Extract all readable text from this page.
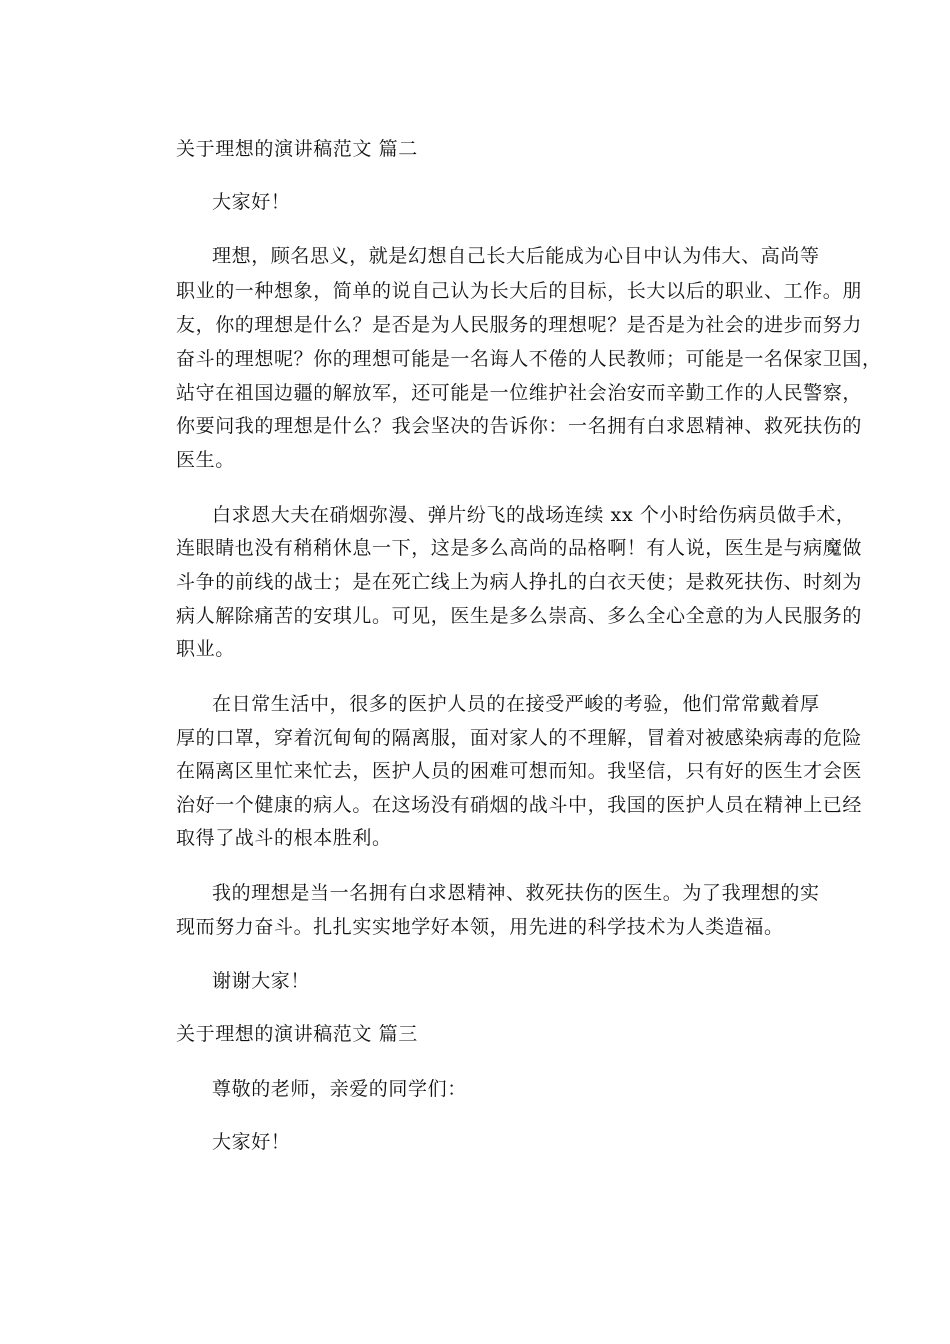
关于理想的演讲稿范文 篇二
大家好！
理想，顾名思义，就是幻想自己长大后能成为心目中认为伟大、高尚等
职业的一种想象，简单的说自己认为长大后的目标，长大以后的职业、工作。朋
友，你的理想是什么？是否是为人民服务的理想呢？是否是为社会的进步而努力
奋斗的理想呢？你的理想可能是一名诲人不倦的人民教师；可能是一名保家卫国，
站守在祖国边疆的解放军，还可能是一位维护社会治安而辛勤工作的人民警察，
你要问我的理想是什么？我会坚决的告诉你：一名拥有白求恩精神、救死扶伤的
医生。
白求恩大夫在硝烟弥漫、弹片纷飞的战场连续 xx 个小时给伤病员做手术，
连眼睛也没有稍稍休息一下，这是多么高尚的品格啊！有人说，医生是与病魔做
斗争的前线的战士；是在死亡线上为病人挣扎的白衣天使；是救死扶伤、时刻为
病人解除痛苦的安琪儿。可见，医生是多么崇高、多么全心全意的为人民服务的
职业。
在日常生活中，很多的医护人员的在接受严峻的考验，他们常常戴着厚
厚的口罩，穿着沉甸甸的隔离服，面对家人的不理解，冒着对被感染病毒的危险
在隔离区里忙来忙去，医护人员的困难可想而知。我坚信，只有好的医生才会医
治好一个健康的病人。在这场没有硝烟的战斗中，我国的医护人员在精神上已经
取得了战斗的根本胜利。
我的理想是当一名拥有白求恩精神、救死扶伤的医生。为了我理想的实
现而努力奋斗。扎扎实实地学好本领，用先进的科学技术为人类造福。
谢谢大家！
关于理想的演讲稿范文 篇三
尊敬的老师，亲爱的同学们：
大家好！
